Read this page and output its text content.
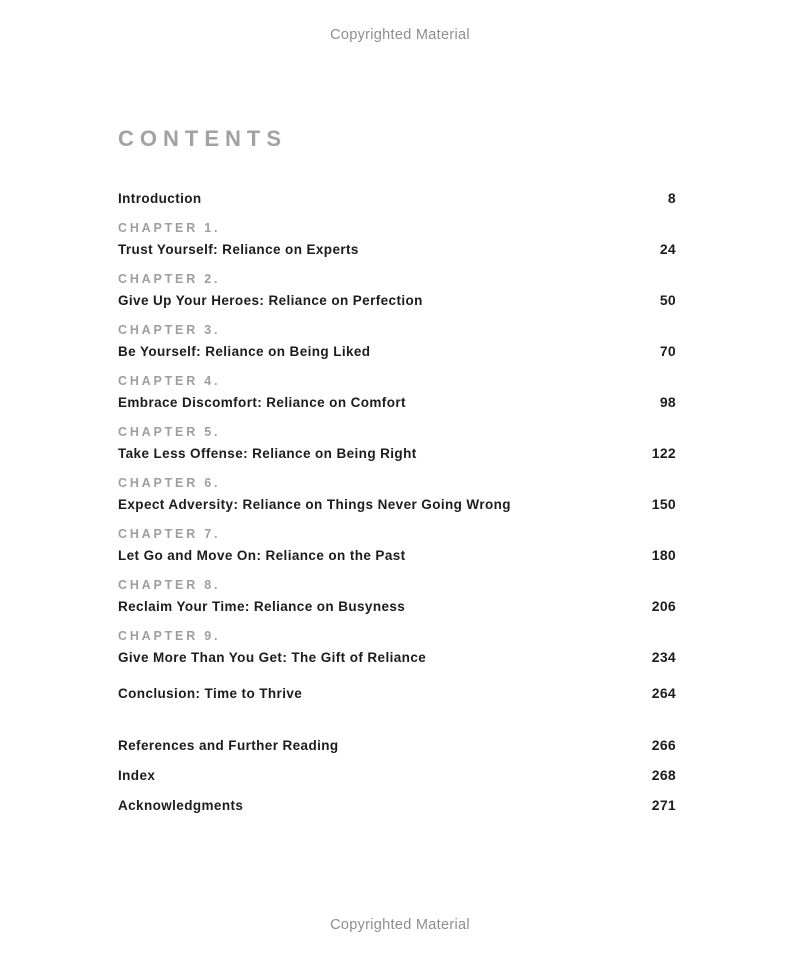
Copyrighted Material
CONTENTS
Introduction	8
CHAPTER 1.
Trust Yourself: Reliance on Experts	24
CHAPTER 2.
Give Up Your Heroes: Reliance on Perfection	50
CHAPTER 3.
Be Yourself: Reliance on Being Liked	70
CHAPTER 4.
Embrace Discomfort: Reliance on Comfort	98
CHAPTER 5.
Take Less Offense: Reliance on Being Right	122
CHAPTER 6.
Expect Adversity: Reliance on Things Never Going Wrong	150
CHAPTER 7.
Let Go and Move On: Reliance on the Past	180
CHAPTER 8.
Reclaim Your Time: Reliance on Busyness	206
CHAPTER 9.
Give More Than You Get: The Gift of Reliance	234
Conclusion: Time to Thrive	264
References and Further Reading	266
Index	268
Acknowledgments	271
Copyrighted Material
